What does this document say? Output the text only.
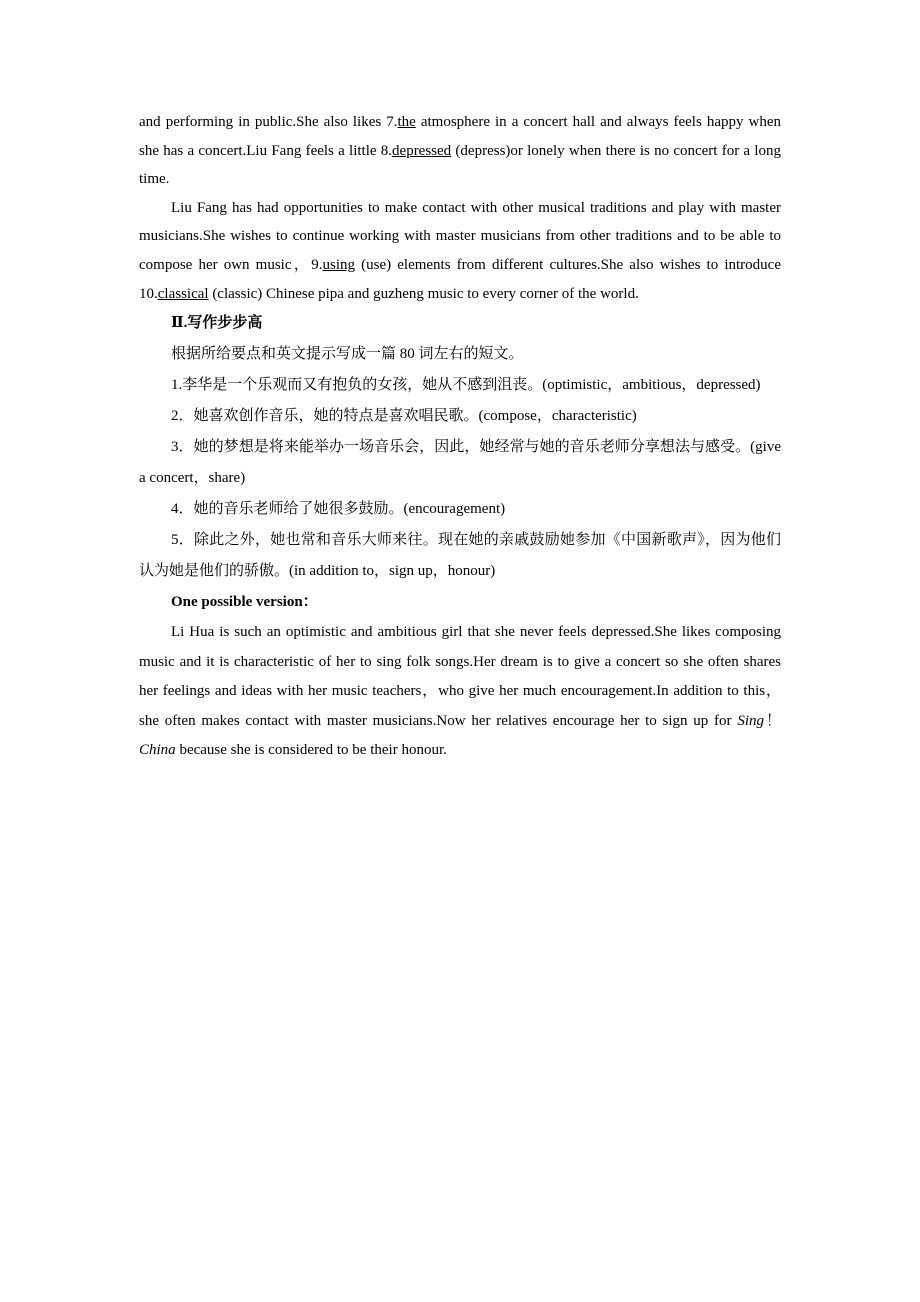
and performing in public.She also likes 7.the atmosphere in a concert hall and always feels happy when she has a concert.Liu Fang feels a little 8.depressed (depress)or lonely when there is no concert for a long time.

Liu Fang has had opportunities to make contact with other musical traditions and play with master musicians.She wishes to continue working with master musicians from other traditions and to be able to compose her own music，9.using (use) elements from different cultures.She also wishes to introduce 10.classical (classic) Chinese pipa and guzheng music to every corner of the world.

Ⅱ.写作步步高

根据所给要点和英文提示写成一篇 80 词左右的短文。

1.李华是一个乐观而又有抱负的女孩，她从不感到沮丧。(optimistic，ambitious，depressed)

2．她喜欢创作音乐，她的特点是喜欢唱民歌。(compose，characteristic)

3．她的梦想是将来能举办一场音乐会，因此，她经常与她的音乐老师分享想法与感受。(give a concert，share)

4．她的音乐老师给了她很多鼓励。(encouragement)

5．除此之外，她也常和音乐大师来往。现在她的亲戚鼓励她参加《中国新歌声》，因为他们认为她是他们的骄傲。(in addition to，sign up，honour)

One possible version：

Li Hua is such an optimistic and ambitious girl that she never feels depressed.She likes composing music and it is characteristic of her to sing folk songs.Her dream is to give a concert so she often shares her feelings and ideas with her music teachers，who give her much encouragement.In addition to this，she often makes contact with master musicians.Now her relatives encourage her to sign up for Sing！China because she is considered to be their honour.
